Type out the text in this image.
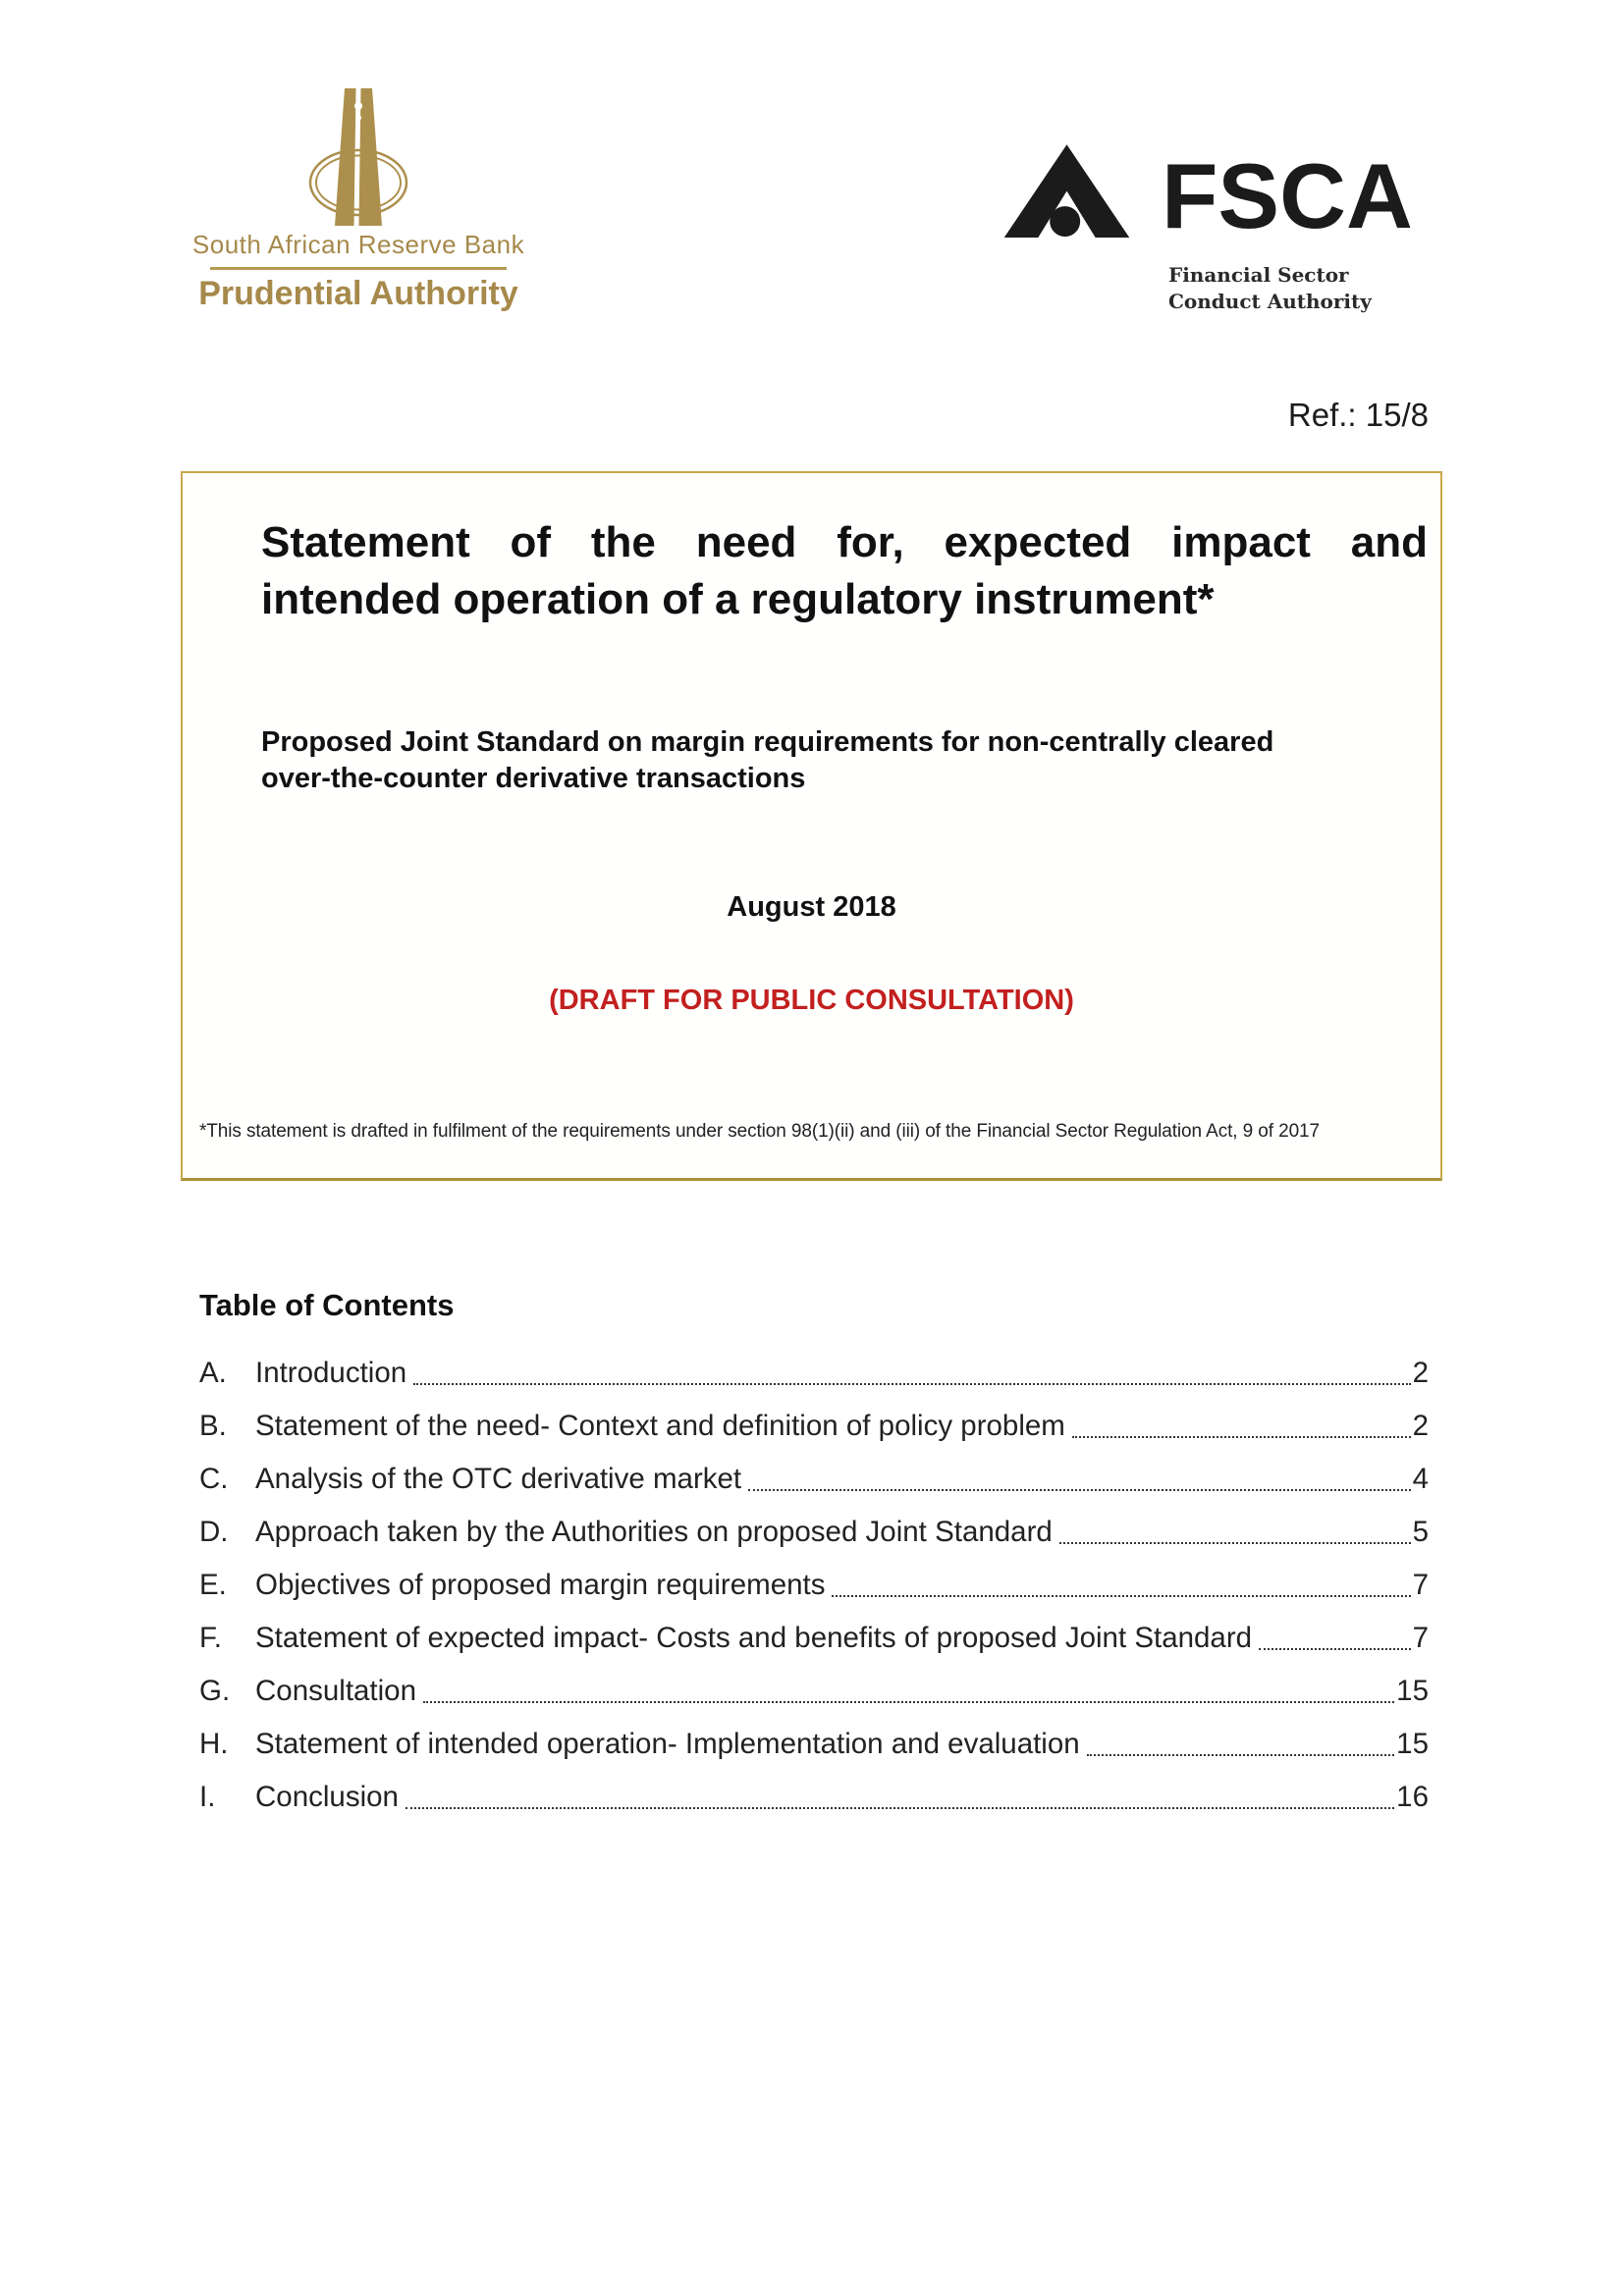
South African Reserve Bank
Prudential Authority
FSCA
Financial Sector
Conduct Authority
Ref.: 15/8
Statement of the need for, expected impact and
intended operation of a regulatory instrument*
Proposed Joint Standard on margin requirements for non-centrally cleared
over-the-counter derivative transactions
August 2018
(DRAFT FOR PUBLIC CONSULTATION)
*This statement is drafted in fulfilment of the requirements under section 98(1)(ii) and (iii) of the Financial Sector Regulation Act, 9 of 2017
Table of Contents
A. Introduction	2
B. Statement of the need- Context and definition of policy problem	2
C. Analysis of the OTC derivative market	4
D. Approach taken by the Authorities on proposed Joint Standard	5
E. Objectives of proposed margin requirements	7
F.	Statement of expected impact- Costs and benefits of proposed Joint Standard	7
G. Consultation	15
H. Statement of intended operation- Implementation and evaluation	15
I.	Conclusion	16
